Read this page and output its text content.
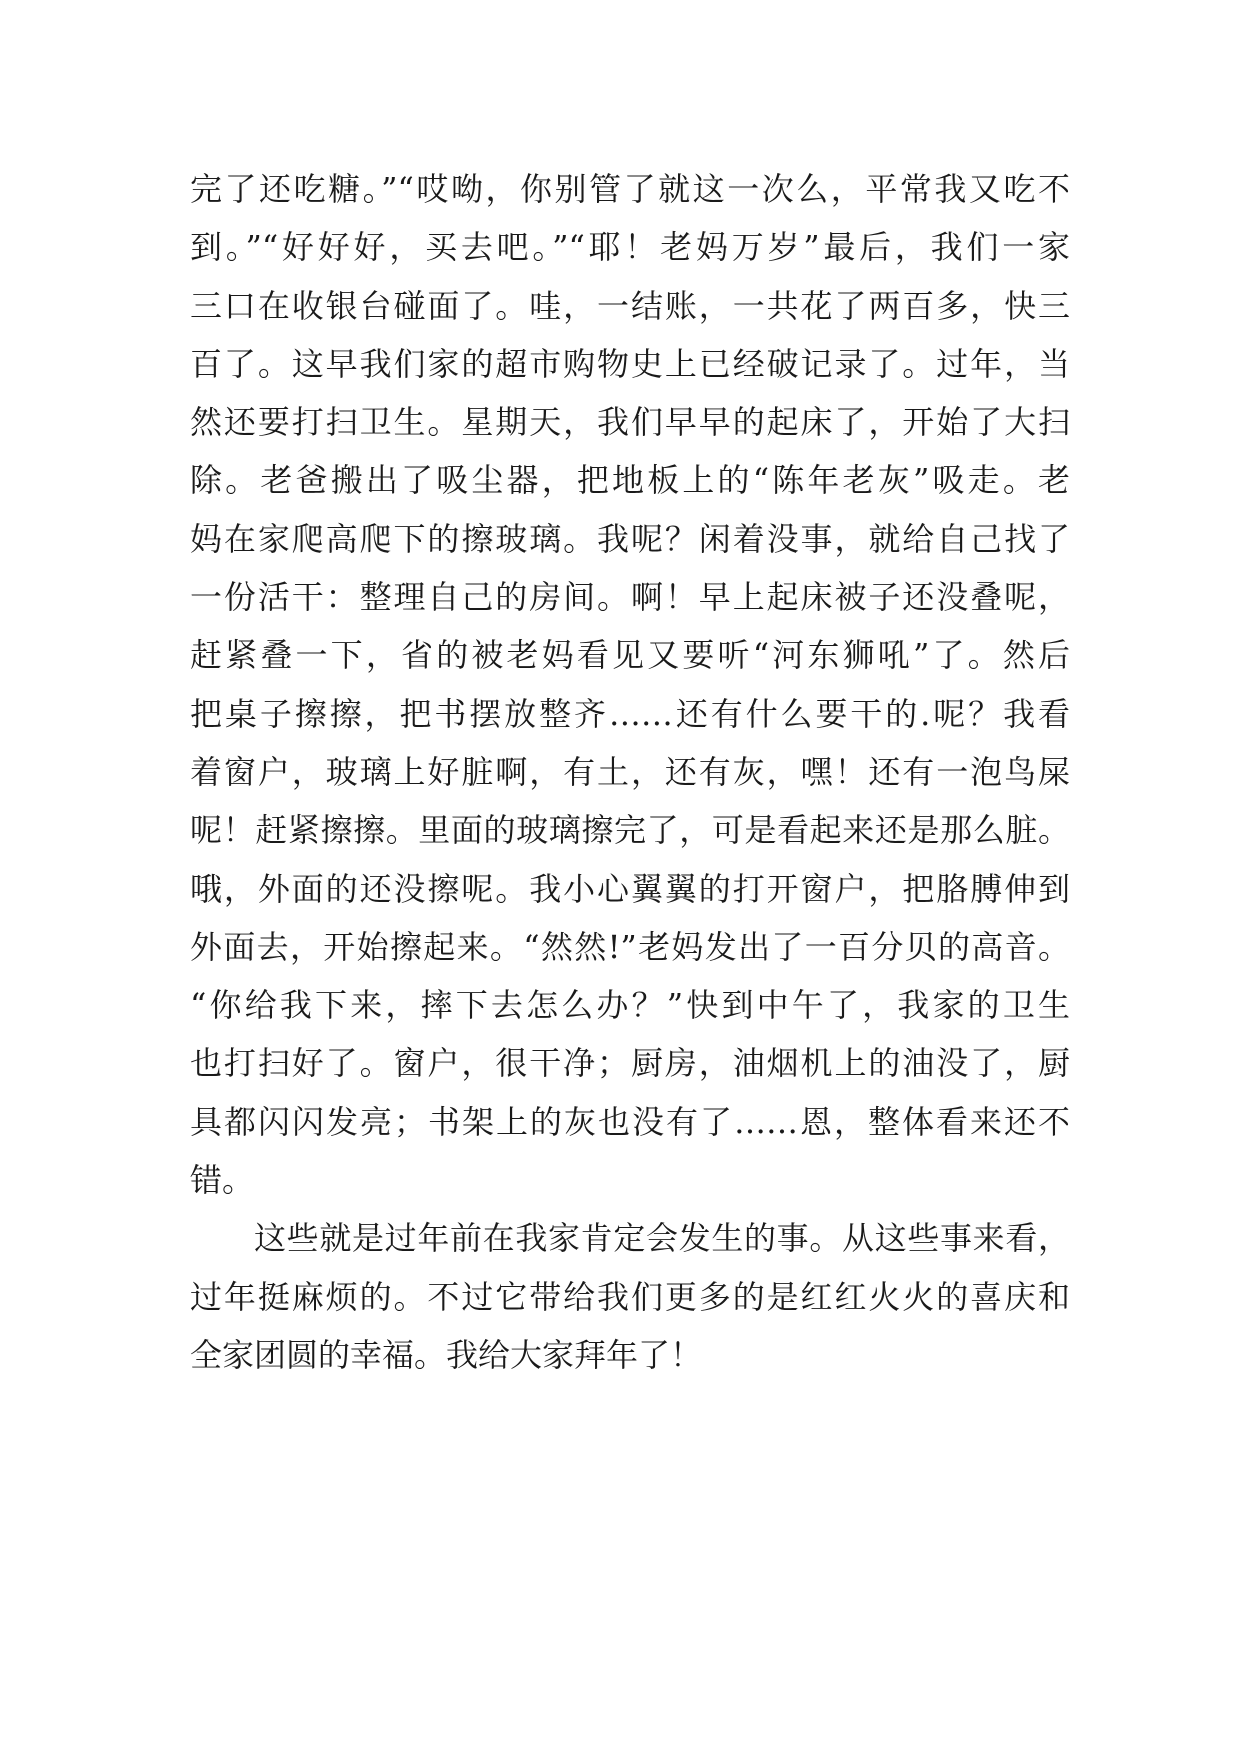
完了还吃糖。”“哎呦，你别管了就这一次么，平常我又吃不
到。”“好好好，买去吧。”“耶！老妈万岁”最后，我们一家
三口在收银台碰面了。哇，一结账，一共花了两百多，快三
百了。这早我们家的超市购物史上已经破记录了。过年，当
然还要打扫卫生。星期天，我们早早的起床了，开始了大扫
除。老爸搬出了吸尘器，把地板上的“陈年老灰”吸走。老
妈在家爬高爬下的擦玻璃。我呢？闲着没事，就给自己找了
一份活干：整理自己的房间。啊！早上起床被子还没叠呢，
赶紧叠一下，省的被老妈看见又要听“河东狮吼”了。然后
把桌子擦擦，把书摆放整齐……还有什么要干的.呢？我看
着窗户，玻璃上好脏啊，有土，还有灰，嘿！还有一泡鸟屎
呢！赶紧擦擦。里面的玻璃擦完了，可是看起来还是那么脏。
哦，外面的还没擦呢。我小心翼翼的打开窗户，把胳膊伸到
外面去，开始擦起来。“然然!”老妈发出了一百分贝的高音。
“你给我下来，摔下去怎么办？”快到中午了，我家的卫生
也打扫好了。窗户，很干净；厨房，油烟机上的油没了，厨
具都闪闪发亮；书架上的灰也没有了……恩，整体看来还不
错。
这些就是过年前在我家肯定会发生的事。从这些事来看，
过年挺麻烦的。不过它带给我们更多的是红红火火的喜庆和
全家团圆的幸福。我给大家拜年了！
